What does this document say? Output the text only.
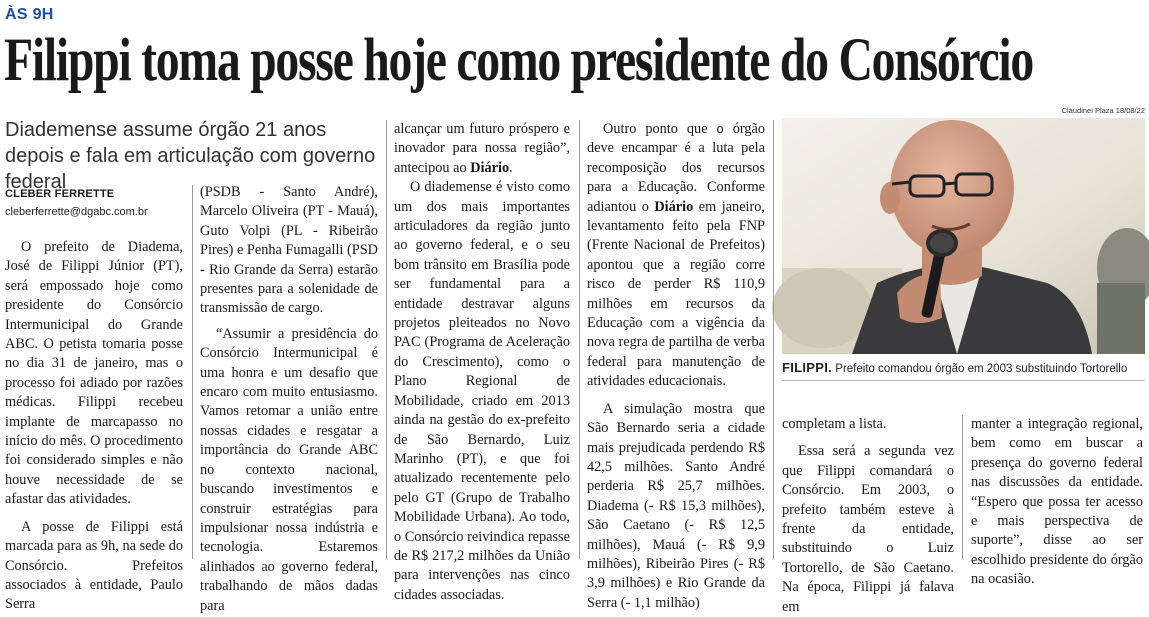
ÀS 9H
Filippi toma posse hoje como presidente do Consórcio
Diademense assume órgão 21 anos depois e fala em articulação com governo federal
CLEBER FERRETTE
cleberferrette@dgabc.com.br

O prefeito de Diadema, José de Filippi Júnior (PT), será empossado hoje como presidente do Consórcio Intermunicipal do Grande ABC. O petista tomaria posse no dia 31 de janeiro, mas o processo foi adiado por razões médicas. Filippi recebeu implante de marcapasso no início do mês. O procedimento foi considerado simples e não houve necessidade de se afastar das atividades.

A posse de Filippi está marcada para as 9h, na sede do Consórcio. Prefeitos associados à entidade, Paulo Serra

(PSDB - Santo André), Marcelo Oliveira (PT - Mauá), Guto Volpi (PL - Ribeirão Pires) e Penha Fumagalli (PSD - Rio Grande da Serra) estarão presentes para a solenidade de transmissão de cargo.

“Assumir a presidência do Consórcio Intermunicipal é uma honra e um desafio que encaro com muito entusiasmo. Vamos retomar a união entre nossas cidades e resgatar a importância do Grande ABC no contexto nacional, buscando investimentos e construir estratégias para impulsionar nossa indústria e tecnologia. Estaremos alinhados ao governo federal, trabalhando de mãos dadas para

alcançar um futuro próspero e inovador para nossa região”, antecipou ao Diário.

O diademense é visto como um dos mais importantes articuladores da região junto ao governo federal, e o seu bom trânsito em Brasília pode ser fundamental para a entidade destravar alguns projetos pleiteados no Novo PAC (Programa de Aceleração do Crescimento), como o Plano Regional de Mobilidade, criado em 2013 ainda na gestão do ex-prefeito de São Bernardo, Luiz Marinho (PT), e que foi atualizado recentemente pelo pelo GT (Grupo de Trabalho Mobilidade Urbana). Ao todo, o Consórcio reivindica repasse de R$ 217,2 milhões da União para intervenções nas cinco cidades associadas.

Outro ponto que o órgão deve encampar é a luta pela recomposição dos recursos para a Educação. Conforme adiantou o Diário em janeiro, levantamento feito pela FNP (Frente Nacional de Prefeitos) apontou que a região corre risco de perder R$ 110,9 milhões em recursos da Educação com a vigência da nova regra de partilha de verba federal para manutenção de atividades educacionais.

A simulação mostra que São Bernardo seria a cidade mais prejudicada perdendo R$ 42,5 milhões. Santo André perderia R$ 25,7 milhões. Diadema (- R$ 15,3 milhões), São Caetano (- R$ 12,5 milhões), Mauá (- R$ 9,9 milhões), Ribeirão Pires (- R$ 3,9 milhões) e Rio Grande da Serra (- 1,1 milhão)

Claudinei Plaza 18/08/22
FILIPPI. Prefeito comandou órgão em 2003 substituindo Tortorello

completam a lista.

Essa será a segunda vez que Filippi comandará o Consórcio. Em 2003, o prefeito também esteve à frente da entidade, substituindo o Luiz Tortorello, de São Caetano. Na época, Filippi já falava em

manter a integração regional, bem como em buscar a presença do governo federal nas discussões da entidade. “Espero que possa ter acesso e mais perspectiva de suporte”, disse ao ser escolhido presidente do órgão na ocasião.
